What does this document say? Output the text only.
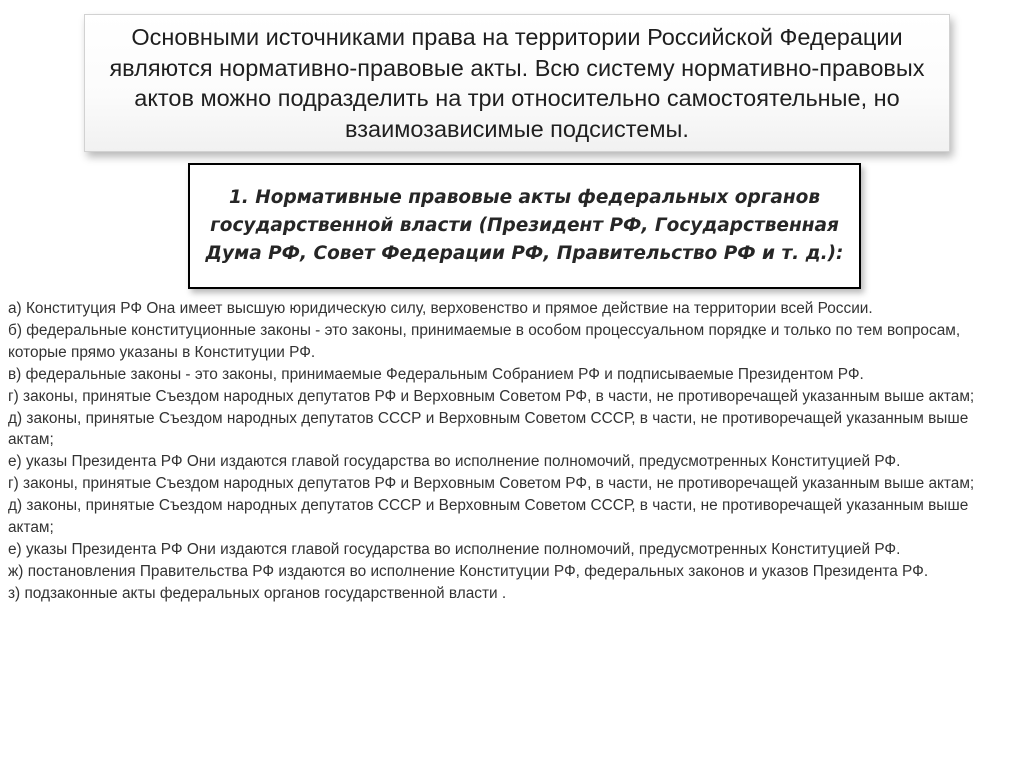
Основными источниками права на территории Российской Федерации являются нормативно-правовые акты. Всю систему нормативно-правовых актов можно подразделить на три относительно самостоятельные, но взаимозависимые подсистемы.

1. Нормативные правовые акты федеральных органов государственной власти (Президент РФ, Государственная Дума РФ, Совет Федерации РФ, Правительство РФ и т. д.):

а) Конституция РФ Она имеет высшую юридическую силу, верховенство и прямое действие на территории всей России.
б) федеральные конституционные законы - это законы, принимаемые в особом процессуальном порядке и только по тем вопросам, которые прямо указаны в Конституции РФ.
в) федеральные законы - это законы, принимаемые Федеральным Собранием РФ и подписываемые Президентом РФ.
г) законы, принятые Съездом народных депутатов РФ и Верховным Советом РФ, в части, не противоречащей указанным выше актам;
д) законы, принятые Съездом народных депутатов СССР и Верховным Советом СССР, в части, не противоречащей указанным выше актам;
е) указы Президента РФ Они издаются главой государства во исполнение полномочий, предусмотренных Конституцией РФ.
г) законы, принятые Съездом народных депутатов РФ и Верховным Советом РФ, в части, не противоречащей указанным выше актам;
д) законы, принятые Съездом народных депутатов СССР и Верховным Советом СССР, в части, не противоречащей указанным выше актам;
е) указы Президента РФ Они издаются главой государства во исполнение полномочий, предусмотренных Конституцией РФ.
ж) постановления Правительства РФ издаются во исполнение Конституции РФ, федеральных законов и указов Президента РФ.
з) подзаконные акты федеральных органов государственной власти .
